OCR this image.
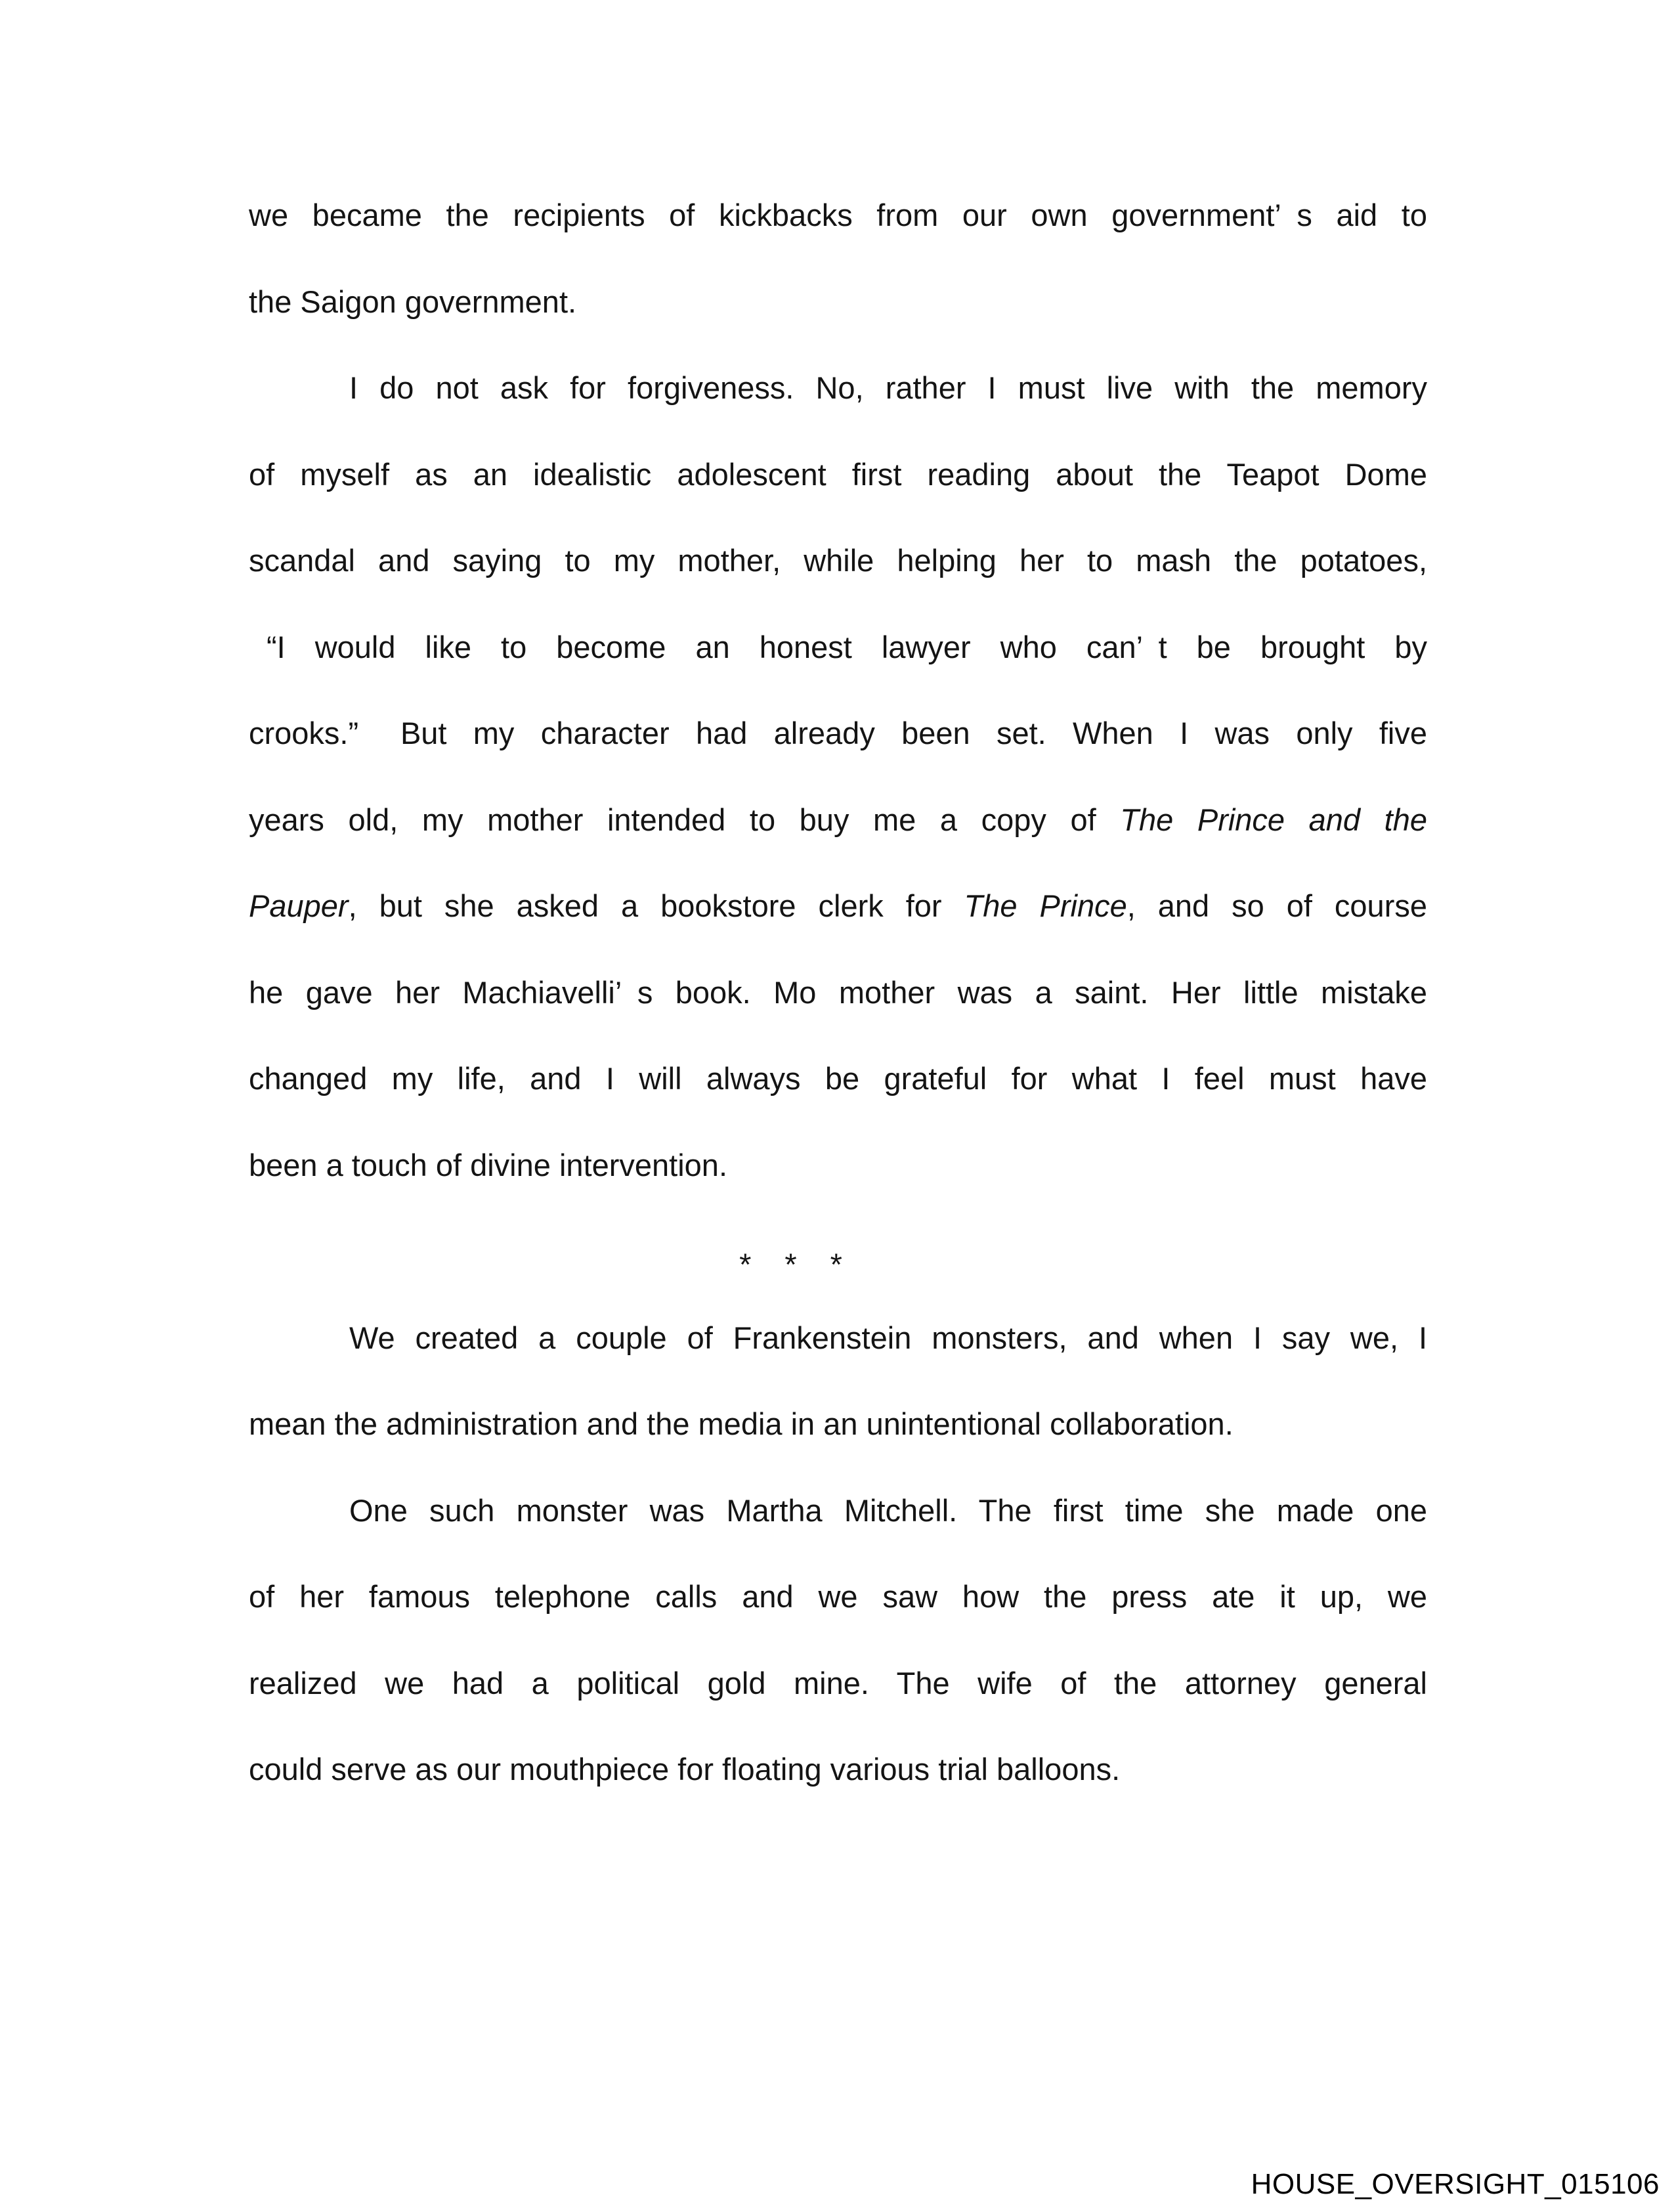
we became the recipients of kickbacks from our own government’ s aid to
the Saigon government.
I do not ask for forgiveness. No, rather I must live with the memory
of myself as an idealistic adolescent first reading about the Teapot Dome
scandal and saying to my mother, while helping her to mash the potatoes,
“I would like to become an honest lawyer who can’ t be brought by
crooks.”  But my character had already been set. When I was only five
years old, my mother intended to buy me a copy of The Prince and the
Pauper, but she asked a bookstore clerk for The Prince, and so of course
he gave her Machiavelli’ s book. Mo mother was a saint. Her little mistake
changed my life, and I will always be grateful for what I feel must have
been a touch of divine intervention.
* * *
We created a couple of Frankenstein monsters, and when I say we, I
mean the administration and the media in an unintentional collaboration.
One such monster was Martha Mitchell. The first time she made one
of her famous telephone calls and we saw how the press ate it up, we
realized we had a political gold mine. The wife of the attorney general
could serve as our mouthpiece for floating various trial balloons.
HOUSE_OVERSIGHT_015106
